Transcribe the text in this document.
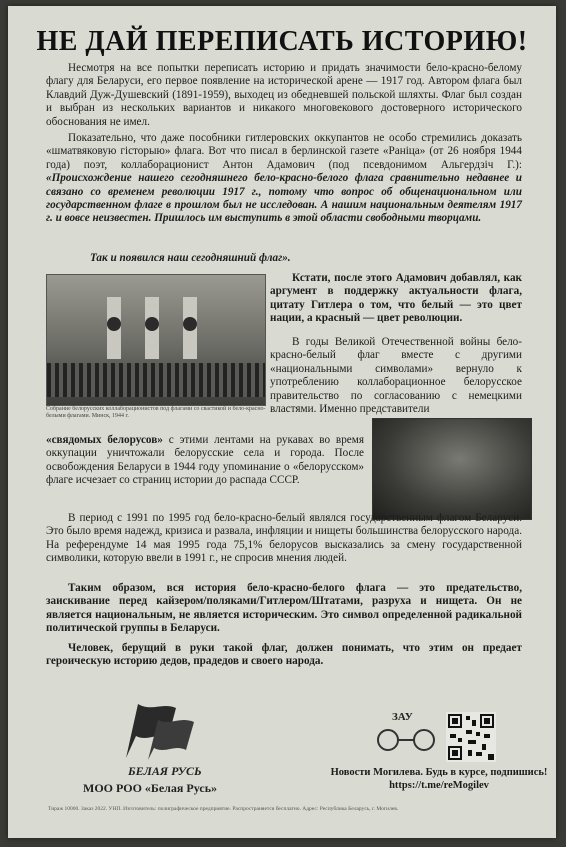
НЕ ДАЙ ПЕРЕПИСАТЬ ИСТОРИЮ!
Несмотря на все попытки переписать историю и придать значимости бело-красно-белому флагу для Беларуси, его первое появление на исторической арене — 1917 год. Автором флага был Клавдий Дуж-Душевский (1891-1959), выходец из обедневшей польской шляхты. Флаг был создан и выбран из нескольких вариантов и никакого многовекового достоверного исторического обоснования не имел.
Показательно, что даже пособники гитлеровских оккупантов не особо стремились доказать «шматвяковую гісторыю» флага. Вот что писал в берлинской газете «Раніца» (от 26 ноября 1944 года) поэт, коллаборационист Антон Адамович (под псевдонимом Альгердзіч Г.): «Происхождение нашего сегодняшнего бело-красно-белого флага сравнительно недавнее и связано со временем революции 1917 г., потому что вопрос об общенациональном или государственном флаге в прошлом был не исследован. А нашим национальным деятелям 1917 г. и вовсе неизвестен. Пришлось им выступить в этой области свободными творцами.
Так и появился наш сегодняшний флаг».
Собрание белорусских коллаборационистов под флагами со свастикой и бело-красно-белыми флагами. Минск, 1944 г.
Кстати, после этого Адамович добавлял, как аргумент в поддержку актуальности флага, цитату Гитлера о том, что белый — это цвет нации, а красный — цвет революции.
В годы Великой Отечественной войны бело-красно-белый флаг вместе с другими «национальными символами» вернуло к употреблению коллаборационное белорусское правительство по согласованию с немецкими властями. Именно представители
«свядомых белорусов» с этими лентами на рукавах во время оккупации уничтожали белорусские села и города. После освобождения Беларуси в 1944 году упоминание о «белорусском» флаге исчезает со страниц истории до распада СССР.
В период с 1991 по 1995 год бело-красно-белый являлся государственным флагом Беларуси. Это было время надежд, кризиса и развала, инфляции и нищеты большинства белорусского народа. На референдуме 14 мая 1995 года 75,1% белорусов высказались за смену государственной символики, которую ввели в 1991 г., не спросив мнения людей.
Таким образом, вся история бело-красно-белого флага — это предательство, заискивание перед кайзером/поляками/Гитлером/Штатами, разруха и нищета. Он не является национальным, не является историческим. Это символ определенной радикальной политической группы в Беларуси.
Человек, берущий в руки такой флаг, должен понимать, что этим он предает героическую историю дедов, прадедов и своего народа.
БЕЛАЯ РУСЬ
МОО РОО «Белая Русь»
ЗАУ
Новости Могилева. Будь в курсе, подпишись!
https://t.me/reMogilev
Тираж 10000. Заказ 2022. УНП. Изготовитель: полиграфическое предприятие. Распространяется бесплатно. Адрес: Республика Беларусь, г. Могилев.
